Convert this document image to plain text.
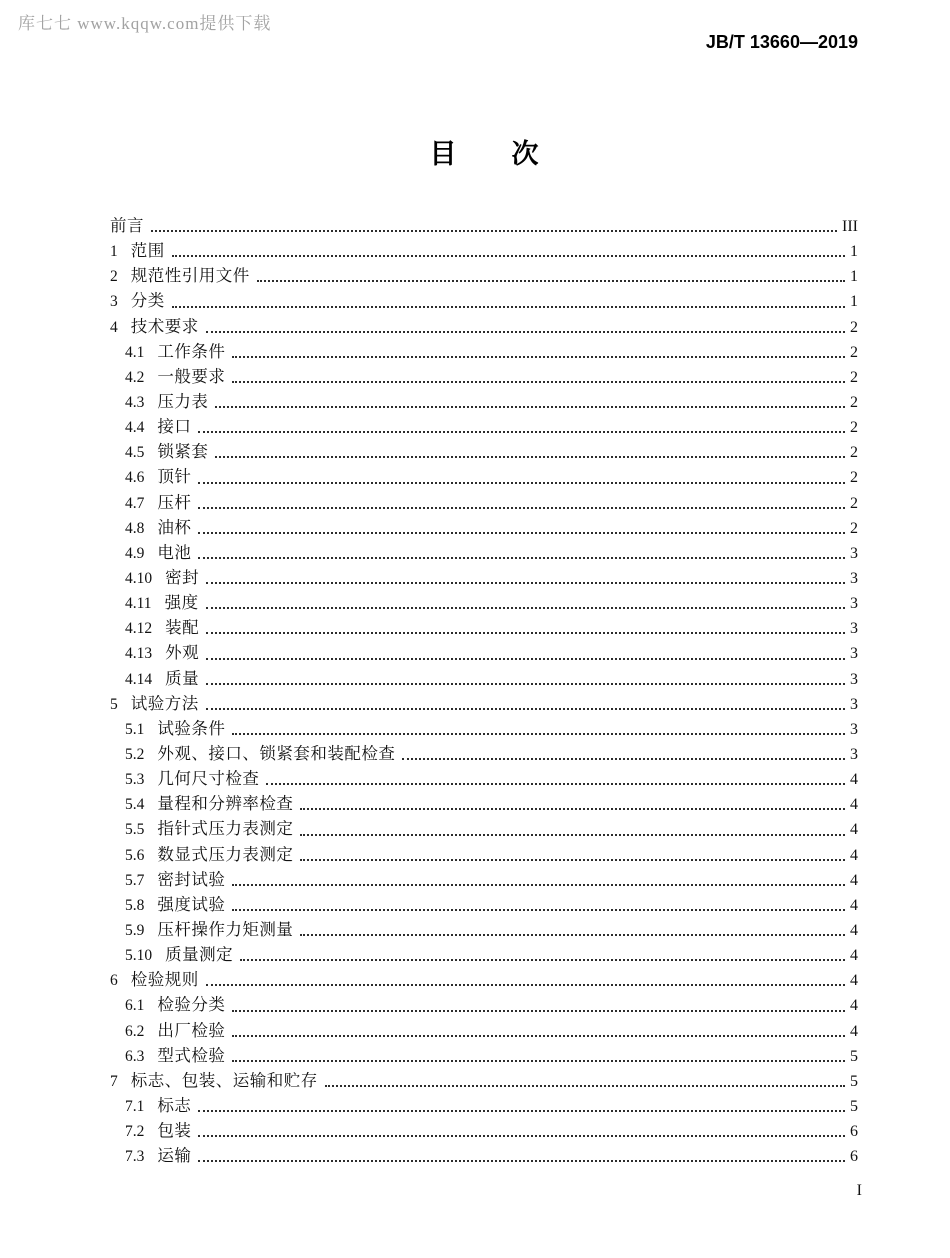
库七七 www.kqqw.com提供下载
JB/T 13660—2019
目　次
前言	III
1 范围	1
2 规范性引用文件	1
3 分类	1
4 技术要求	2
4.1 工作条件	2
4.2 一般要求	2
4.3 压力表	2
4.4 接口	2
4.5 锁紧套	2
4.6 顶针	2
4.7 压杆	2
4.8 油杯	2
4.9 电池	3
4.10 密封	3
4.11 强度	3
4.12 装配	3
4.13 外观	3
4.14 质量	3
5 试验方法	3
5.1 试验条件	3
5.2 外观、接口、锁紧套和装配检查	3
5.3 几何尺寸检查	4
5.4 量程和分辨率检查	4
5.5 指针式压力表测定	4
5.6 数显式压力表测定	4
5.7 密封试验	4
5.8 强度试验	4
5.9 压杆操作力矩测量	4
5.10 质量测定	4
6 检验规则	4
6.1 检验分类	4
6.2 出厂检验	4
6.3 型式检验	5
7 标志、包装、运输和贮存	5
7.1 标志	5
7.2 包装	6
7.3 运输	6
I
